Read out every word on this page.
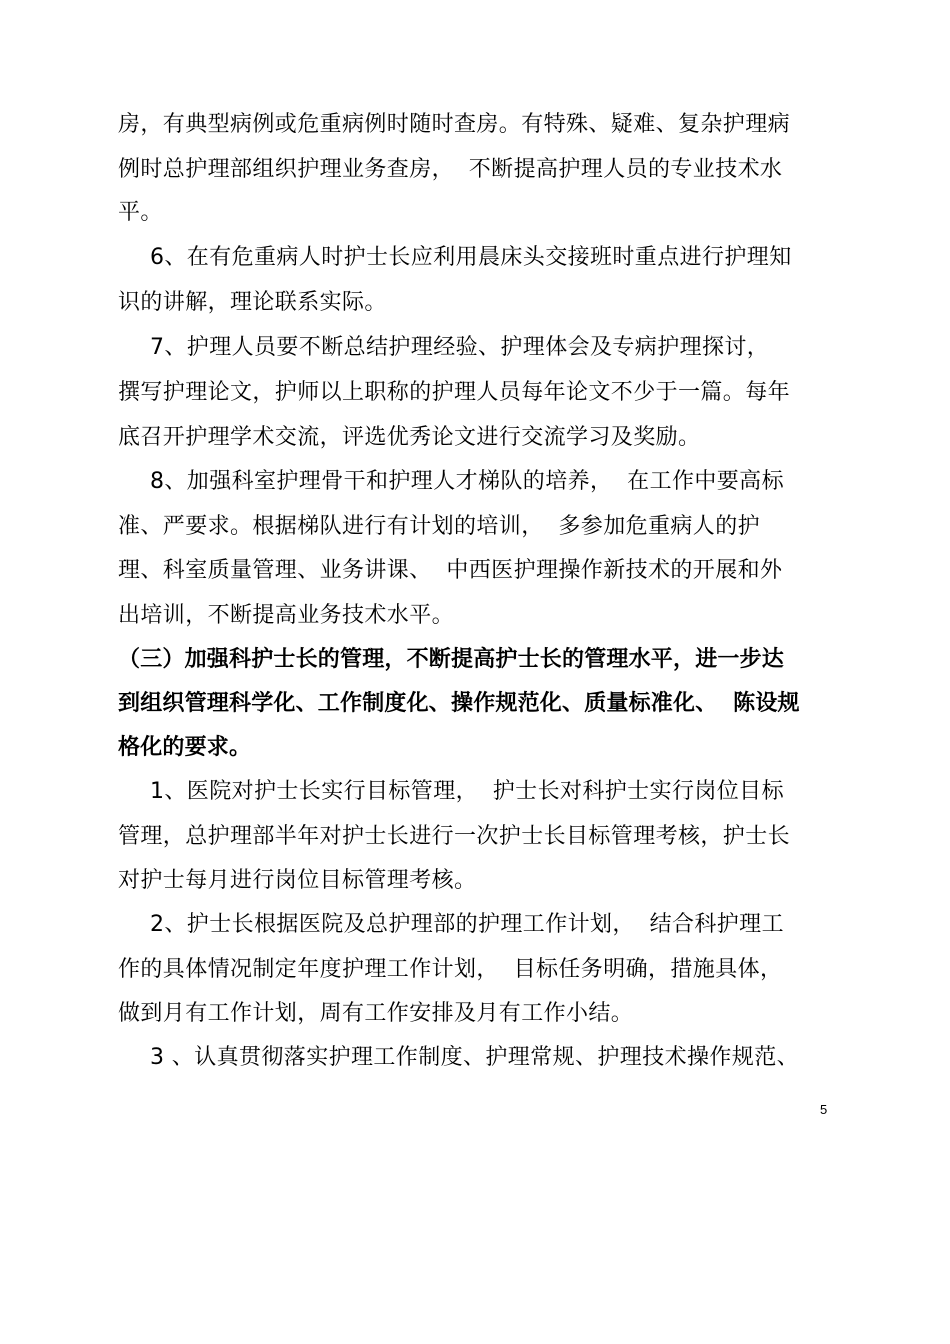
房，有典型病例或危重病例时随时查房。有特殊、疑难、复杂护理病
例时总护理部组织护理业务查房，  不断提高护理人员的专业技术水
平。
6、在有危重病人时护士长应利用晨床头交接班时重点进行护理知
识的讲解，理论联系实际。
7、护理人员要不断总结护理经验、护理体会及专病护理探讨，
撰写护理论文，护师以上职称的护理人员每年论文不少于一篇。每年
底召开护理学术交流，评选优秀论文进行交流学习及奖励。
8、加强科室护理骨干和护理人才梯队的培养，  在工作中要高标
准、严要求。根据梯队进行有计划的培训，  多参加危重病人的护
理、科室质量管理、业务讲课、  中西医护理操作新技术的开展和外
出培训，不断提高业务技术水平。
（三）加强科护士长的管理，不断提高护士长的管理水平，进一步达
到组织管理科学化、工作制度化、操作规范化、质量标准化、  陈设规
格化的要求。
1、医院对护士长实行目标管理，  护士长对科护士实行岗位目标
管理，总护理部半年对护士长进行一次护士长目标管理考核，护士长
对护士每月进行岗位目标管理考核。
2、护士长根据医院及总护理部的护理工作计划，  结合科护理工
作的具体情况制定年度护理工作计划，  目标任务明确，措施具体，
做到月有工作计划，周有工作安排及月有工作小结。
3 、认真贯彻落实护理工作制度、护理常规、护理技术操作规范、
5
